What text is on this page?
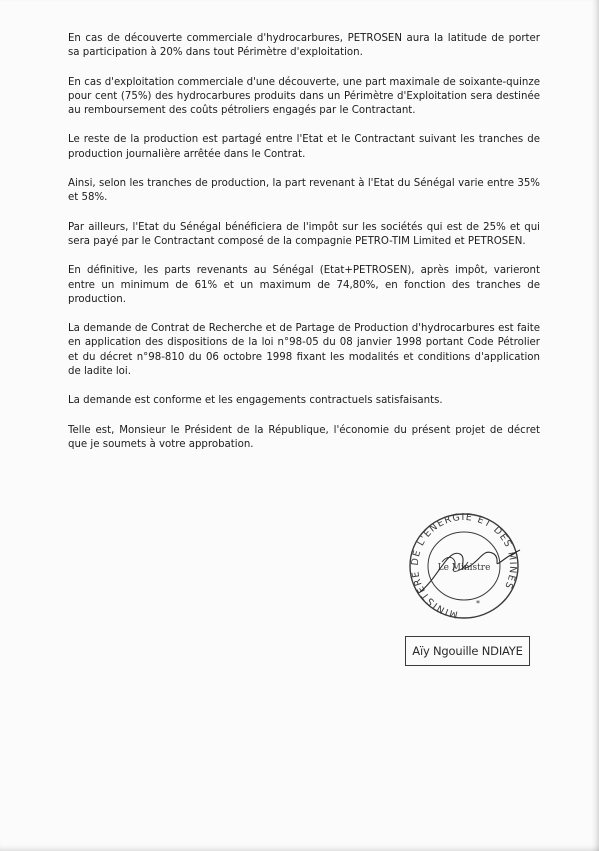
En cas de découverte commerciale d'hydrocarbures, PETROSEN aura la latitude de porter sa participation à 20% dans tout Périmètre d'exploitation.

En cas d'exploitation commerciale d'une découverte, une part maximale de soixante-quinze pour cent (75%) des hydrocarbures produits dans un Périmètre d'Exploitation sera destinée au remboursement des coûts pétroliers engagés par le Contractant.

Le reste de la production est partagé entre l'Etat et le Contractant suivant les tranches de production journalière arrêtée dans le Contrat.

Ainsi, selon les tranches de production, la part revenant à l'Etat du Sénégal varie entre 35% et 58%.

Par ailleurs, l'Etat du Sénégal bénéficiera de l'impôt sur les sociétés qui est de 25% et qui sera payé par le Contractant composé de la compagnie PETRO-TIM Limited et PETROSEN.

En définitive, les parts revenants au Sénégal (Etat+PETROSEN), après impôt, varieront entre un minimum de 61% et un maximum de 74,80%, en fonction des tranches de production.

La demande de Contrat de Recherche et de Partage de Production d'hydrocarbures est faite en application des dispositions de la loi n°98-05 du 08 janvier 1998 portant Code Pétrolier et du décret n°98-810 du 06 octobre 1998 fixant les modalités et conditions d'application de ladite loi.

La demande est conforme et les engagements contractuels satisfaisants.

Telle est, Monsieur le Président de la République, l'économie du présent projet de décret que je soumets à votre approbation.

MINISTERE DE L'ENERGIE ET DES MINES
Le Ministre
*
Aïy Ngouille NDIAYE
